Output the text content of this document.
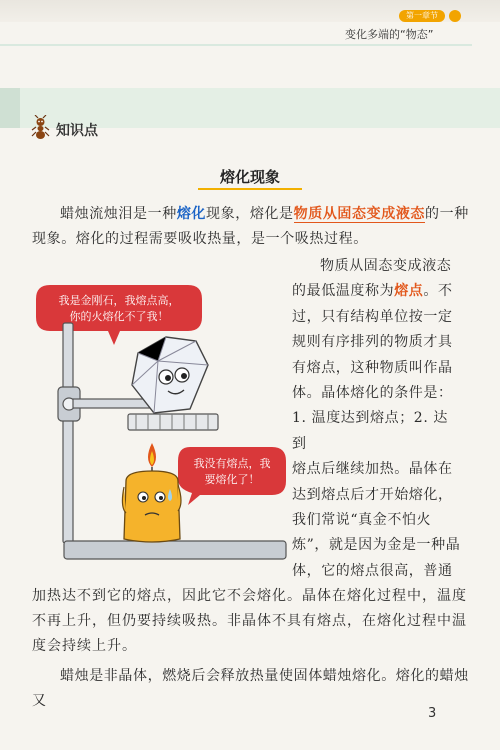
第一章节
变化多端的“物态”
知识点
熔化现象
蜡烛流烛泪是一种熔化现象，熔化是物质从固态变成液态的一种现象。熔化的过程需要吸收热量，是一个吸热过程。
物质从固态变成液态
的最低温度称为熔点。不
过，只有结构单位按一定
规则有序排列的物质才具
有熔点，这种物质叫作晶
体。晶体熔化的条件是：
1. 温度达到熔点；2. 达到
熔点后继续加热。晶体在
达到熔点后才开始熔化，
我们常说“真金不怕火
炼”，就是因为金是一种晶
体，它的熔点很高，普通
我是金刚石，我熔点高，
你的火熔化不了我！
我没有熔点，我
要熔化了！
加热达不到它的熔点，因此它不会熔化。晶体在熔化过程中，温度不再上升，但仍要持续吸热。非晶体不具有熔点，在熔化过程中温度会持续上升。
蜡烛是非晶体，燃烧后会释放热量使固体蜡烛熔化。熔化的蜡烛又
3
